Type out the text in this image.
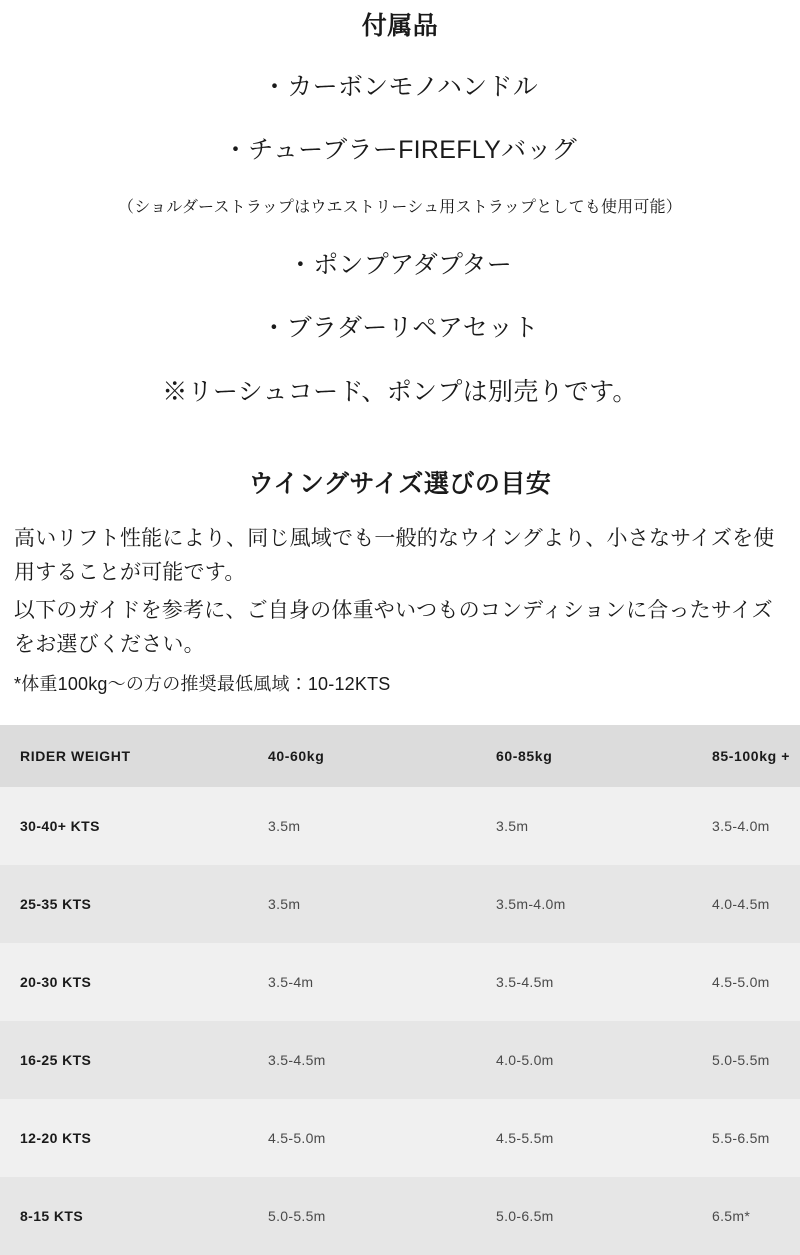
付属品

・カーボンモノハンドル

・チューブラーFIREFLYバッグ

（ショルダーストラップはウエストリーシュ用ストラップとしても使用可能）

・ポンプアダプター

・ブラダーリペアセット

※リーシュコード、ポンプは別売りです。

ウイングサイズ選びの目安

高いリフト性能により、同じ風域でも一般的なウイングより、小さなサイズを使用することが可能です。

以下のガイドを参考に、ご自身の体重やいつものコンディションに合ったサイズをお選びください。

*体重100kg〜の方の推奨最低風域：10-12KTS

RIDER WEIGHT	40-60kg	60-85kg	85-100kg +
30-40+ KTS	3.5m	3.5m	3.5-4.0m
25-35 KTS	3.5m	3.5m-4.0m	4.0-4.5m
20-30 KTS	3.5-4m	3.5-4.5m	4.5-5.0m
16-25 KTS	3.5-4.5m	4.0-5.0m	5.0-5.5m
12-20 KTS	4.5-5.0m	4.5-5.5m	5.5-6.5m
8-15 KTS	5.0-5.5m	5.0-6.5m	6.5m*
